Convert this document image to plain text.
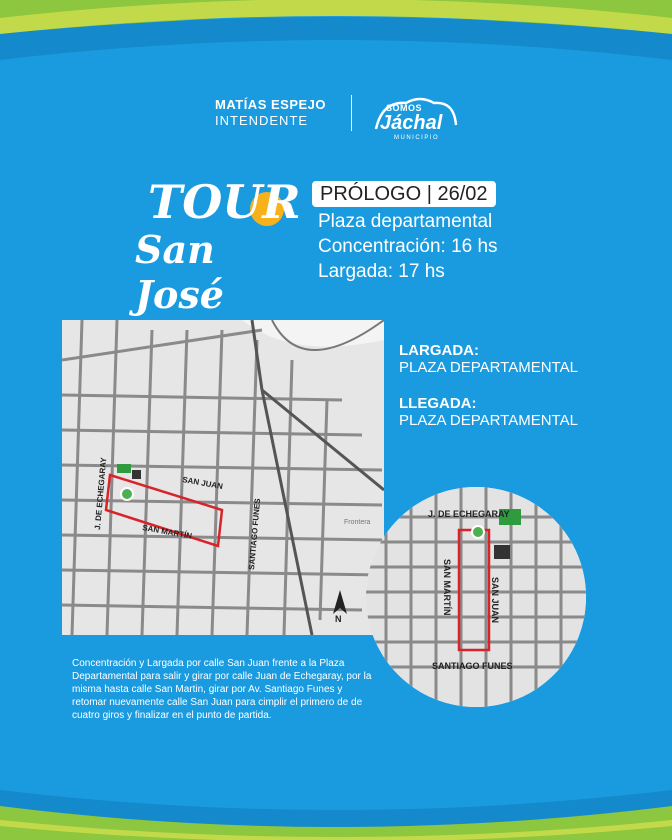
MATÍAS ESPEJO
INTENDENTE
SOMOS
Jáchal
MUNICIPIO
TOUR
San José
PRÓLOGO | 26/02
Plaza departamental
Concentración: 16 hs
Largada: 17 hs
N
SAN JUAN
SAN MARTÍN
J. DE ECHEGARAY
SANTIAGO FUNES	Frontera
LARGADA:
PLAZA DEPARTAMENTAL
LLEGADA:
PLAZA DEPARTAMENTAL
J. DE ECHEGARAY
SAN MARTÍN	SAN JUAN
SANTIAGO FUNES
Concentración y Largada por calle San Juan frente a la Plaza Departamental para salir y girar por calle Juan de Echegaray, por la misma hasta calle San Martin, girar por Av. Santiago Funes y retomar nuevamente calle San Juan para cimplir el primero de de cuatro giros y finalizar en el punto de partida.
